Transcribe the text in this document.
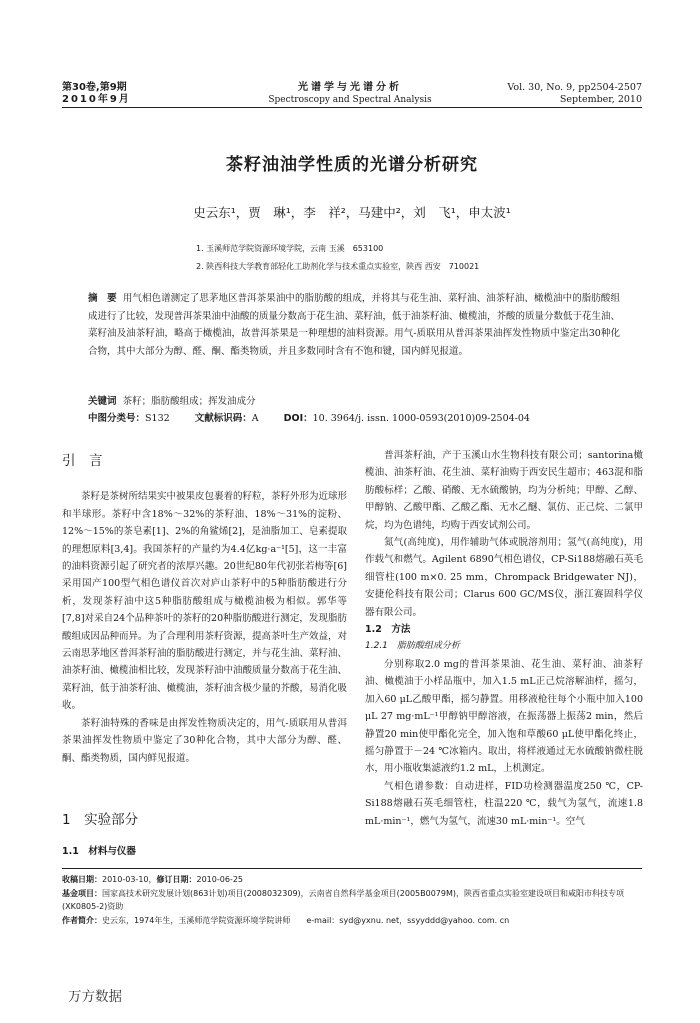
第30卷,第9期
2010年9月
光谱学与光谱分析
Spectroscopy and Spectral Analysis
Vol. 30, No. 9, pp2504-2507
September, 2010
茶籽油油学性质的光谱分析研究
史云东¹，贾　琳¹，李　祥²，马建中²，刘　飞¹，申太波¹
1. 玉溪师范学院资源环境学院，云南 玉溪　653100
2. 陕西科技大学教育部轻化工助剂化学与技术重点实验室，陕西 西安　710021
摘　要 用气相色谱测定了思茅地区普洱茶果油中的脂肪酸的组成，并将其与花生油、菜籽油、油茶籽油、橄榄油中的脂肪酸组成进行了比较，发现普洱茶果油中油酸的质量分数高于花生油、菜籽油，低于油茶籽油、橄榄油，芥酸的质量分数低于花生油、菜籽油及油茶籽油，略高于橄榄油，故普洱茶果是一种理想的油料资源。用气-质联用从普洱茶果油挥发性物质中鉴定出30种化合物，其中大部分为醇、醛、酮、酯类物质，并且多数同时含有不饱和键，国内鲜见报道。
关键词 茶籽；脂肪酸组成；挥发油成分
中图分类号：S132	文献标识码：A	DOI：10. 3964/j. issn. 1000-0593(2010)09-2504-04
引　言

茶籽是茶树所结果实中被果皮包裹着的籽粒，茶籽外形为近球形和半球形。茶籽中含18%～32%的茶籽油、18%～31%的淀粉、12%～15%的茶皂素[1]、2%的角鲨烯[2]，是油脂加工、皂素提取的理想原料[3,4]。我国茶籽的产量约为4.4亿kg·a⁻¹[5]，这一丰富的油料资源引起了研究者的浓厚兴趣。20世纪80年代初张若梅等[6]采用国产100型气相色谱仪首次对庐山茶籽中的5种脂肪酸进行分析，发现茶籽油中这5种脂肪酸组成与橄榄油极为相似。郭华等[7,8]对采自24个品种茶叶的茶籽的20种脂肪酸进行测定，发现脂肪酸组成因品种而异。为了合理利用茶籽资源，提高茶叶生产效益，对云南思茅地区普洱茶籽油的脂肪酸进行测定，并与花生油、菜籽油、油茶籽油、橄榄油相比较，发现茶籽油中油酸质量分数高于花生油、菜籽油，低于油茶籽油、橄榄油，茶籽油含极少量的芥酸，易消化吸收。

茶籽油特殊的香味是由挥发性物质决定的，用气-质联用从普洱茶果油挥发性物质中鉴定了30种化合物，其中大部分为醇、醛、酮、酯类物质，国内鲜见报道。

1　实验部分
1.1　材料与仪器

普洱茶籽油，产于玉溪山水生物科技有限公司；santorina橄榄油、油茶籽油、花生油、菜籽油购于西安民生超市；463混和脂肪酸标样；乙酸、硝酸、无水硫酸钠，均为分析纯；甲醇、乙醇、甲醇钠、乙酸甲酯、乙酸乙酯、无水乙醚、氯仿、正己烷、二氯甲烷，均为色谱纯，均购于西安试剂公司。

氮气(高纯度)，用作辅助气体或脱溶剂用；氢气(高纯度)，用作载气和燃气。Agilent 6890气相色谱仪，CP-Si188熔融石英毛细管柱(100 m×0. 25 mm，Chrompack Bridgewater NJ)，安捷伦科技有限公司；Clarus 600 GC/MS仪，浙江赛固科学仪器有限公司。

1.2　方法
1.2.1　脂肪酸组成分析

分别称取2.0 mg的普洱茶果油、花生油、菜籽油、油茶籽油、橄榄油于小样品瓶中，加入1.5 mL正己烷溶解油样，摇匀，加入60 μL乙酸甲酯，摇匀静置。用移液枪往每个小瓶中加入100 μL 27 mg·mL⁻¹甲醇钠甲醇溶液，在振荡器上振荡2 min，然后静置20 min使甲酯化完全，加入饱和草酸60 μL使甲酯化终止，摇匀静置于－24 ℃冰箱内。取出，将样液通过无水硫酸钠微柱脱水，用小瓶收集滤液约1.2 mL，上机测定。

气相色谱参数：自动进样，FID功检测器温度250 ℃，CP-Si188熔融石英毛细管柱，柱温220 ℃，载气为氢气，流速1.8 mL·min⁻¹，燃气为氢气，流速30 mL·min⁻¹。空气

收稿日期：2010-03-10，修订日期：2010-06-25
基金项目：国家高技术研究发展计划(863计划)项目(2008032309)，云南省自然科学基金项目(2005B0079M)，陕西省重点实验室建设项目和咸阳市科技专项(XK0805-2)资助
作者简介：史云东，1974年生，玉溪师范学院资源环境学院讲师　　e-mail：syd@yxnu. net，ssyyddd@yahoo. com. cn
万方数据
